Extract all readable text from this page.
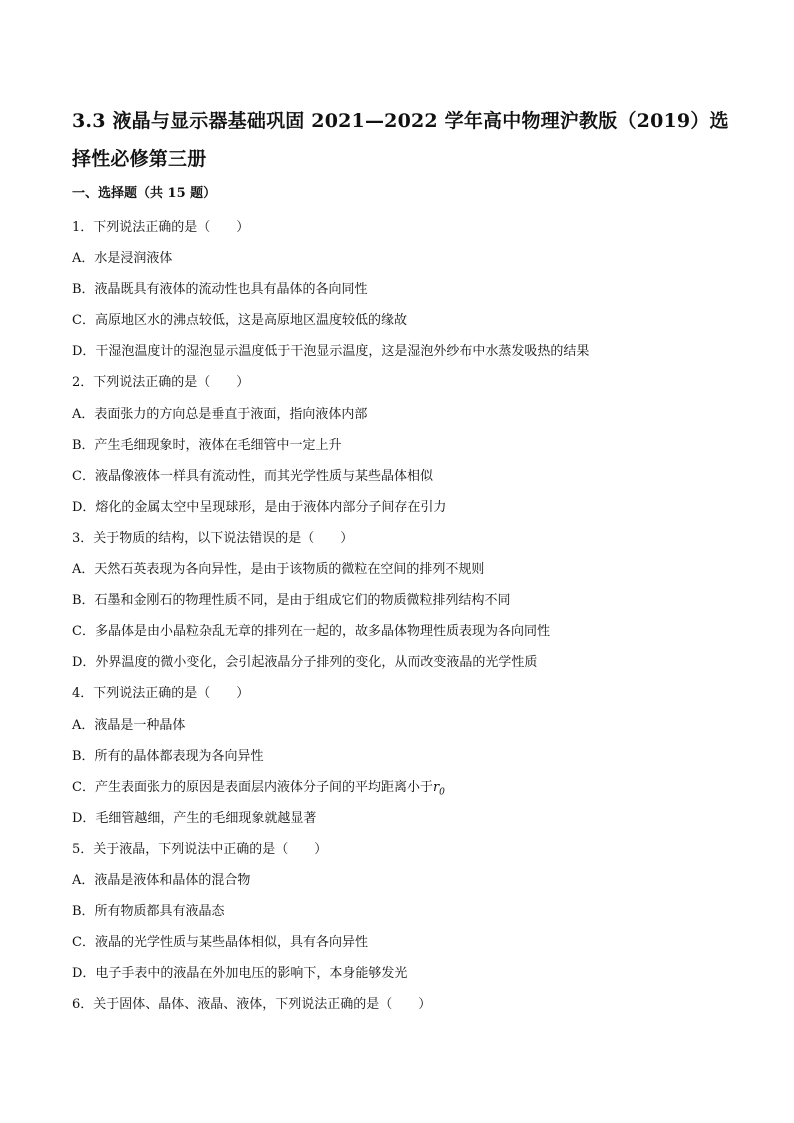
3.3 液晶与显示器基础巩固 2021—2022 学年高中物理沪教版（2019）选择性必修第三册
一、选择题（共 15 题）
1．下列说法正确的是（　　）
A．水是浸润液体
B．液晶既具有液体的流动性也具有晶体的各向同性
C．高原地区水的沸点较低，这是高原地区温度较低的缘故
D．干湿泡温度计的湿泡显示温度低于干泡显示温度，这是湿泡外纱布中水蒸发吸热的结果
2．下列说法正确的是（　　）
A．表面张力的方向总是垂直于液面，指向液体内部
B．产生毛细现象时，液体在毛细管中一定上升
C．液晶像液体一样具有流动性，而其光学性质与某些晶体相似
D．熔化的金属太空中呈现球形，是由于液体内部分子间存在引力
3．关于物质的结构，以下说法错误的是（　　）
A．天然石英表现为各向异性，是由于该物质的微粒在空间的排列不规则
B．石墨和金刚石的物理性质不同，是由于组成它们的物质微粒排列结构不同
C．多晶体是由小晶粒杂乱无章的排列在一起的，故多晶体物理性质表现为各向同性
D．外界温度的微小变化，会引起液晶分子排列的变化，从而改变液晶的光学性质
4．下列说法正确的是（　　）
A．液晶是一种晶体
B．所有的晶体都表现为各向异性
C．产生表面张力的原因是表面层内液体分子间的平均距离小于$r_0$
D．毛细管越细，产生的毛细现象就越显著
5．关于液晶，下列说法中正确的是（　　）
A．液晶是液体和晶体的混合物
B．所有物质都具有液晶态
C．液晶的光学性质与某些晶体相似，具有各向异性
D．电子手表中的液晶在外加电压的影响下，本身能够发光
6．关于固体、晶体、液晶、液体，下列说法正确的是（　　）
